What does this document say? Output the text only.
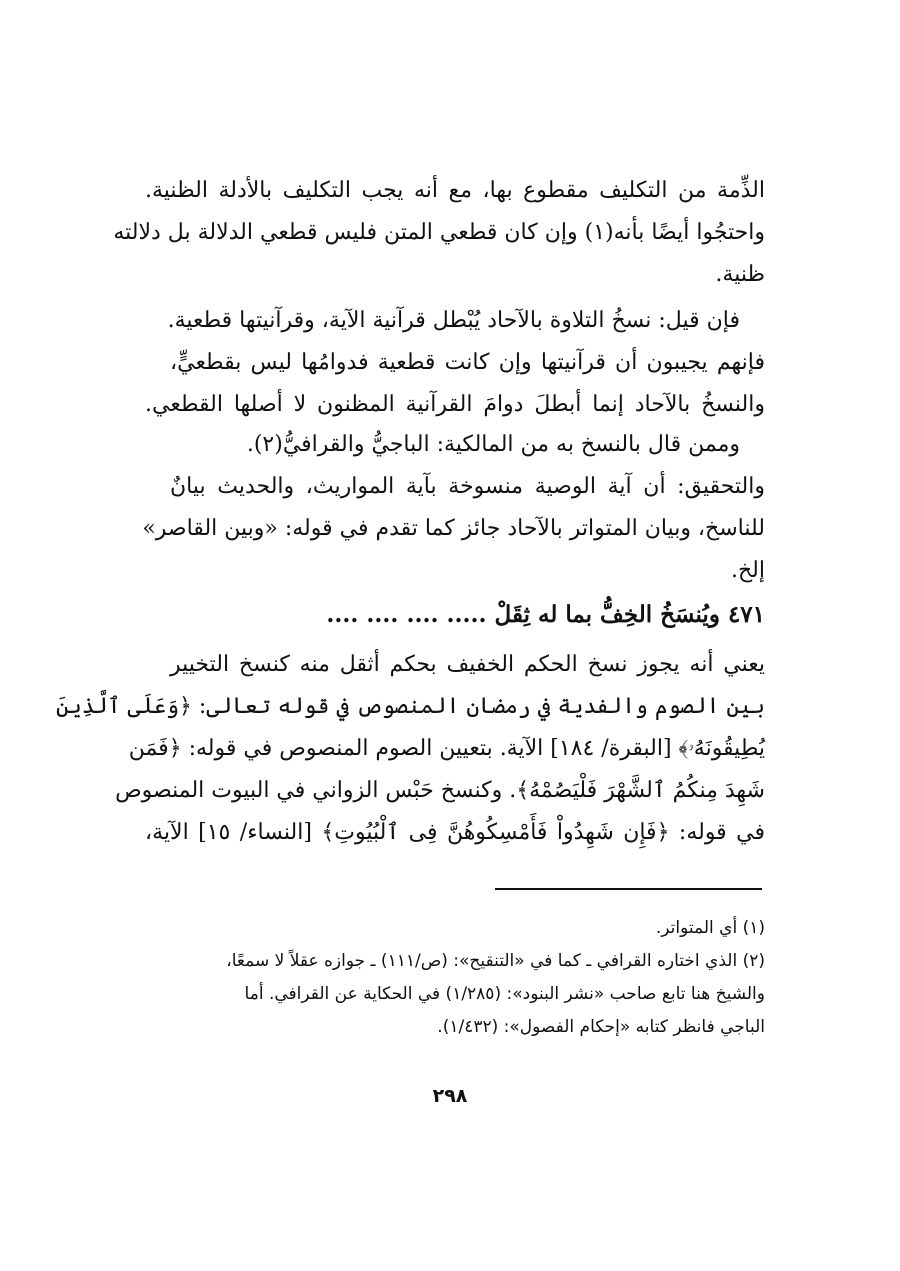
الذِّمة من التكليف مقطوع بها، مع أنه يجب التكليف بالأدلة الظنية.
واحتجُوا أيضًا بأنه(١) وإن كان قطعي المتن فليس قطعي الدلالة بل دلالته
ظنية.
فإن قيل: نسخُ التلاوة بالآحاد يُبْطل قرآنية الآية، وقرآنيتها قطعية.
فإنهم يجيبون أن قرآنيتها وإن كانت قطعية فدوامُها ليس بقطعيٍّ،
والنسخُ بالآحاد إنما أبطلَ دوامَ القرآنية المظنون لا أصلها القطعي.
وممن قال بالنسخ به من المالكية: الباجيُّ والقرافيُّ(٢).
والتحقيق: أن آية الوصية منسوخة بآية المواريث، والحديث بيانٌ
للناسخ، وبيان المتواتر بالآحاد جائز كما تقدم في قوله: «وبين القاصر»
إلخ.
٤٧١ ويُنسَخُ الخِفُّ بما له ثِقَلْ ..... .... .... ....
يعني أنه يجوز نسخ الحكم الخفيف بحكم أثقل منه كنسخ التخيير
بين الصوم والفدية في رمضان المنصوص في قوله تعالى: ﴿وَعَلَى ٱلَّذِينَ
يُطِيقُونَهُۥ﴾ [البقرة/ ١٨٤] الآية. بتعيين الصوم المنصوص في قوله: ﴿فَمَن
شَهِدَ مِنكُمُ ٱلشَّهْرَ فَلْيَصُمْهُ﴾. وكنسخ حَبْس الزواني في البيوت المنصوص
في قوله: ﴿فَإِن شَهِدُواْ فَأَمْسِكُوهُنَّ فِى ٱلْبُيُوتِ﴾ [النساء/ ١٥] الآية،
(١) أي المتواتر.
(٢) الذي اختاره القرافي ـ كما في «التنقيح»: (ص/١١١) ـ جوازه عقلاً لا سمعًا،
والشيخ هنا تابع صاحب «نشر البنود»: (١/٢٨٥) في الحكاية عن القرافي. أما
الباجي فانظر كتابه «إحكام الفصول»: (١/٤٣٢).
٢٩٨
